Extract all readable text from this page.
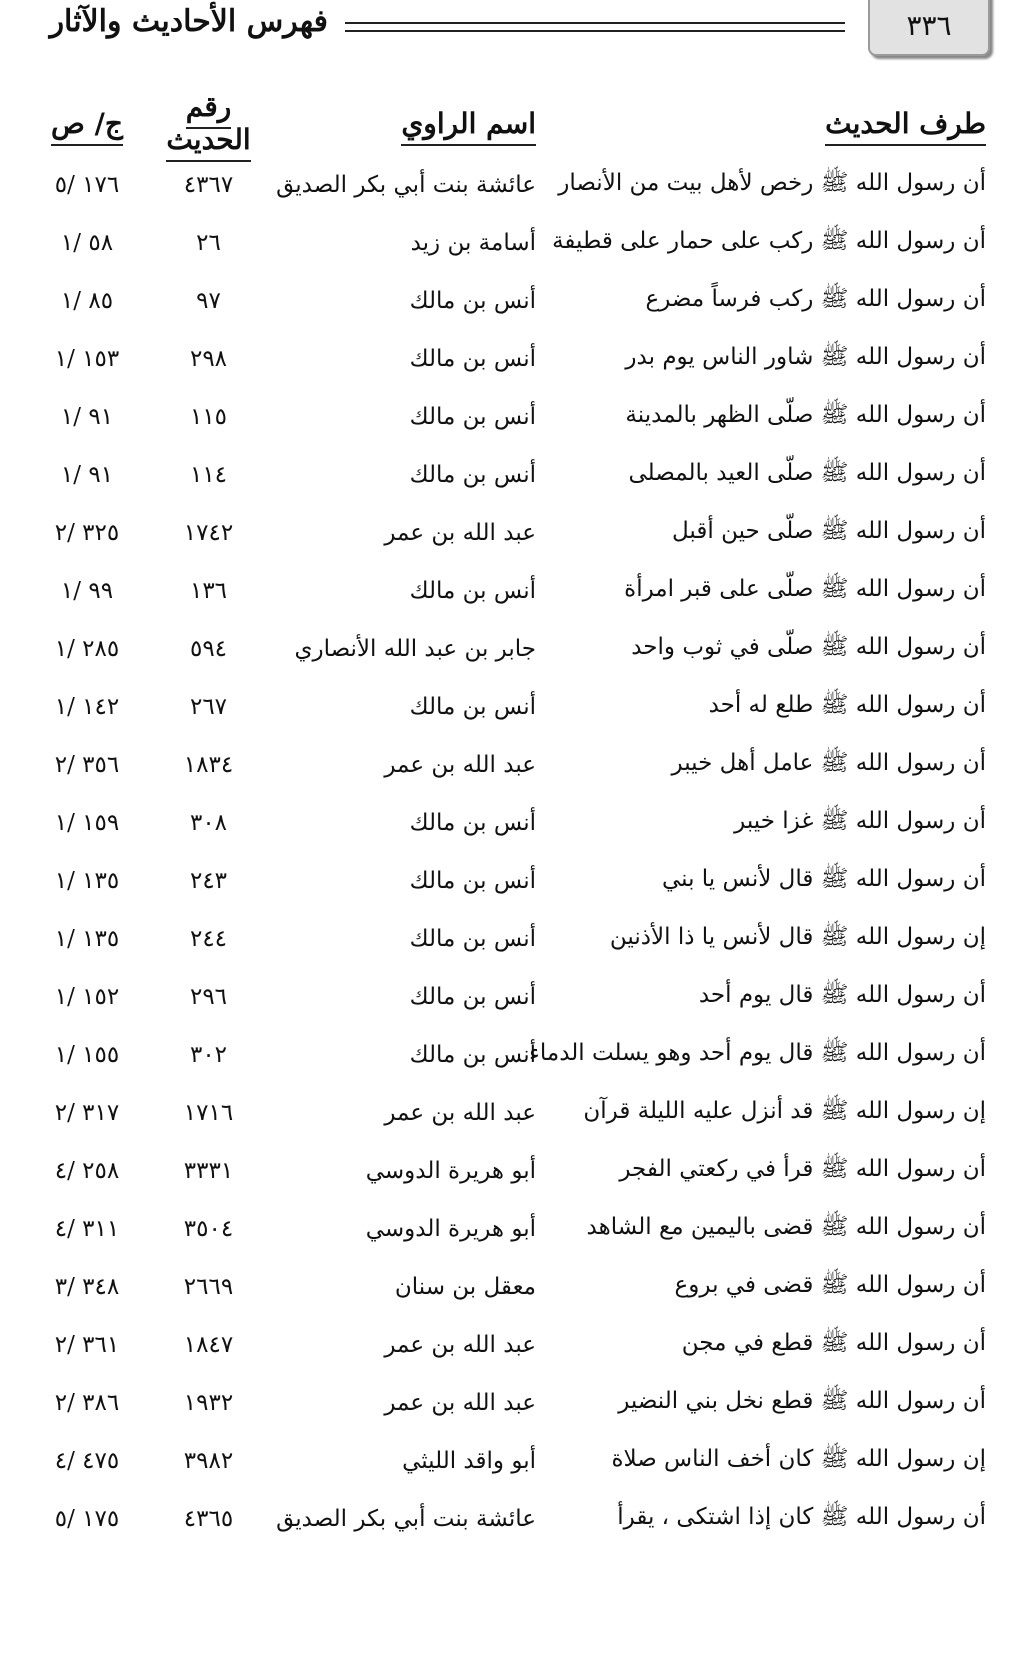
٣٣٦
فهرس الأحاديث والآثار
طرف الحديث	اسم الراوي	رقم الحديث	ج/ ص
أن رسول الله ﷺ رخص لأهل بيت من الأنصار	عائشة بنت أبي بكر الصديق	٤٣٦٧	١٧٦ /٥
أن رسول الله ﷺ ركب على حمار على قطيفة	أسامة بن زيد	٢٦	٥٨ /١
أن رسول الله ﷺ ركب فرساً مضرع	أنس بن مالك	٩٧	٨٥ /١
أن رسول الله ﷺ شاور الناس يوم بدر	أنس بن مالك	٢٩٨	١٥٣ /١
أن رسول الله ﷺ صلّى الظهر بالمدينة	أنس بن مالك	١١٥	٩١ /١
أن رسول الله ﷺ صلّى العيد بالمصلى	أنس بن مالك	١١٤	٩١ /١
أن رسول الله ﷺ صلّى حين أقبل	عبد الله بن عمر	١٧٤٢	٣٢٥ /٢
أن رسول الله ﷺ صلّى على قبر امرأة	أنس بن مالك	١٣٦	٩٩ /١
أن رسول الله ﷺ صلّى في ثوب واحد	جابر بن عبد الله الأنصاري	٥٩٤	٢٨٥ /١
أن رسول الله ﷺ طلع له أحد	أنس بن مالك	٢٦٧	١٤٢ /١
أن رسول الله ﷺ عامل أهل خيبر	عبد الله بن عمر	١٨٣٤	٣٥٦ /٢
أن رسول الله ﷺ غزا خيبر	أنس بن مالك	٣٠٨	١٥٩ /١
أن رسول الله ﷺ قال لأنس يا بني	أنس بن مالك	٢٤٣	١٣٥ /١
إن رسول الله ﷺ قال لأنس يا ذا الأذنين	أنس بن مالك	٢٤٤	١٣٥ /١
أن رسول الله ﷺ قال يوم أحد	أنس بن مالك	٢٩٦	١٥٢ /١
أن رسول الله ﷺ قال يوم أحد وهو يسلت الدماء	أنس بن مالك	٣٠٢	١٥٥ /١
إن رسول الله ﷺ قد أنزل عليه الليلة قرآن	عبد الله بن عمر	١٧١٦	٣١٧ /٢
أن رسول الله ﷺ قرأ في ركعتي الفجر	أبو هريرة الدوسي	٣٣٣١	٢٥٨ /٤
أن رسول الله ﷺ قضى باليمين مع الشاهد	أبو هريرة الدوسي	٣٥٠٤	٣١١ /٤
أن رسول الله ﷺ قضى في بروع	معقل بن سنان	٢٦٦٩	٣٤٨ /٣
أن رسول الله ﷺ قطع في مجن	عبد الله بن عمر	١٨٤٧	٣٦١ /٢
أن رسول الله ﷺ قطع نخل بني النضير	عبد الله بن عمر	١٩٣٢	٣٨٦ /٢
إن رسول الله ﷺ كان أخف الناس صلاة	أبو واقد الليثي	٣٩٨٢	٤٧٥ /٤
أن رسول الله ﷺ كان إذا اشتكى ، يقرأ	عائشة بنت أبي بكر الصديق	٤٣٦٥	١٧٥ /٥
